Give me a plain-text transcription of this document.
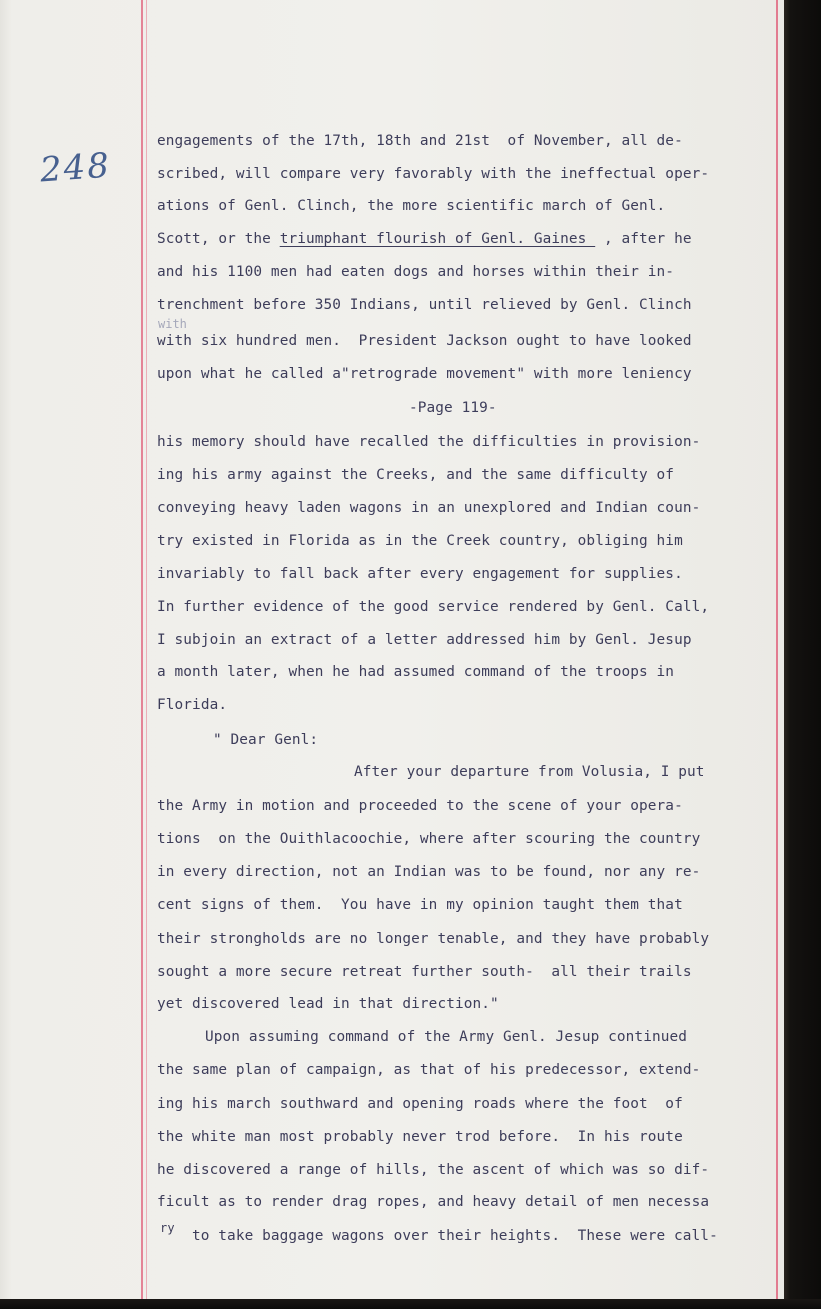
248
with

engagements of the 17th, 18th and 21st  of November, all de-

scribed, will compare very favorably with the ineffectual oper-

ations of Genl. Clinch, the more scientific march of Genl.

Scott, or the triumphant flourish of Genl. Gaines  , after he

and his 1100 men had eaten dogs and horses within their in-

trenchment before 350 Indians, until relieved by Genl. Clinch

with six hundred men.  President Jackson ought to have looked

upon what he called a"retrograde movement" with more leniency

-Page 119-

his memory should have recalled the difficulties in provision-

ing his army against the Creeks, and the same difficulty of

conveying heavy laden wagons in an unexplored and Indian coun-

try existed in Florida as in the Creek country, obliging him

invariably to fall back after every engagement for supplies.

In further evidence of the good service rendered by Genl. Call,

I subjoin an extract of a letter addressed him by Genl. Jesup

a month later, when he had assumed command of the troops in

Florida.

" Dear Genl:

After your departure from Volusia, I put

the Army in motion and proceeded to the scene of your opera-

tions  on the Ouithlacoochie, where after scouring the country

in every direction, not an Indian was to be found, nor any re-

cent signs of them.  You have in my opinion taught them that

their strongholds are no longer tenable, and they have probably

sought a more secure retreat further south-  all their trails

yet discovered lead in that direction."

Upon assuming command of the Army Genl. Jesup continued

the same plan of campaign, as that of his predecessor, extend-

ing his march southward and opening roads where the foot  of

the white man most probably never trod before.  In his route

he discovered a range of hills, the ascent of which was so dif-

ficult as to render drag ropes, and heavy detail of men necessa

ry

to take baggage wagons over their heights.  These were call-
